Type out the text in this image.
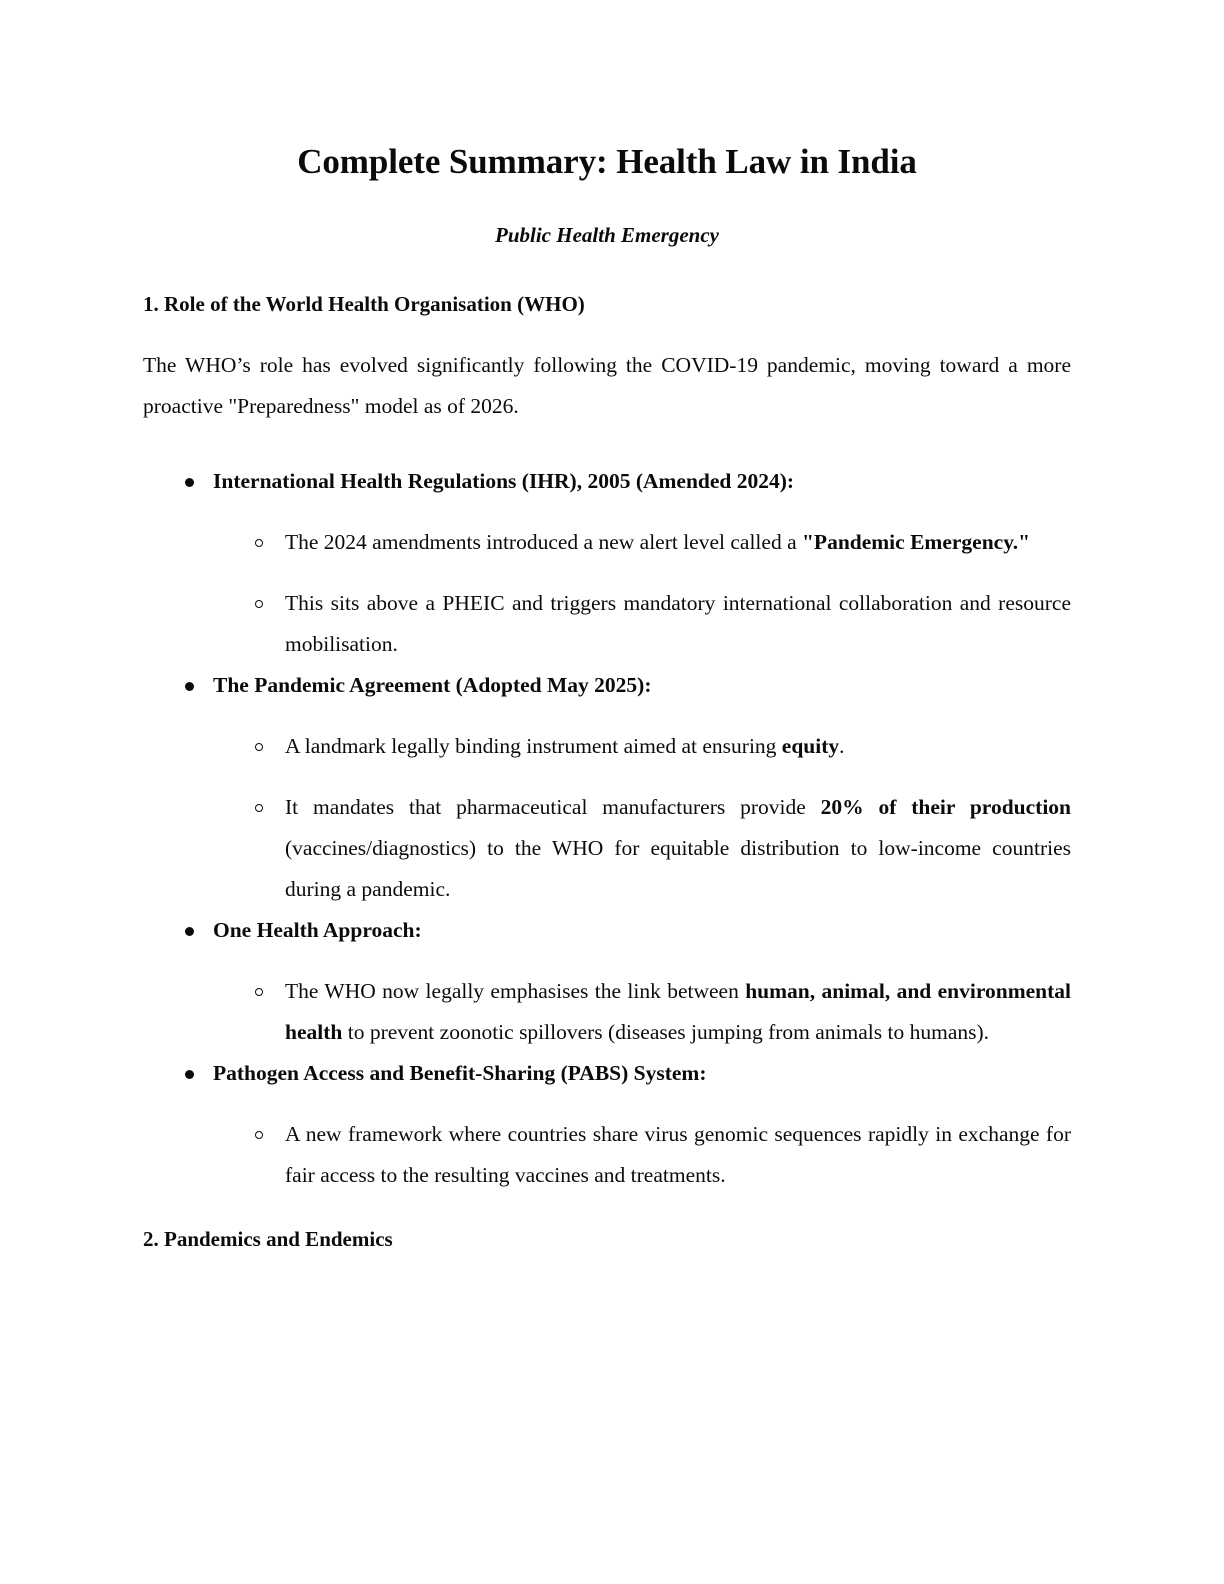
Complete Summary: Health Law in India
Public Health Emergency
1. Role of the World Health Organisation (WHO)

The WHO’s role has evolved significantly following the COVID-19 pandemic, moving toward a more proactive "Preparedness" model as of 2026.

International Health Regulations (IHR), 2005 (Amended 2024):

The 2024 amendments introduced a new alert level called a "Pandemic Emergency."

This sits above a PHEIC and triggers mandatory international collaboration and resource mobilisation.

The Pandemic Agreement (Adopted May 2025):

A landmark legally binding instrument aimed at ensuring equity.

It mandates that pharmaceutical manufacturers provide 20% of their production (vaccines/diagnostics) to the WHO for equitable distribution to low-income countries during a pandemic.

One Health Approach:

The WHO now legally emphasises the link between human, animal, and environmental health to prevent zoonotic spillovers (diseases jumping from animals to humans).

Pathogen Access and Benefit-Sharing (PABS) System:

A new framework where countries share virus genomic sequences rapidly in exchange for fair access to the resulting vaccines and treatments.

2. Pandemics and Endemics
